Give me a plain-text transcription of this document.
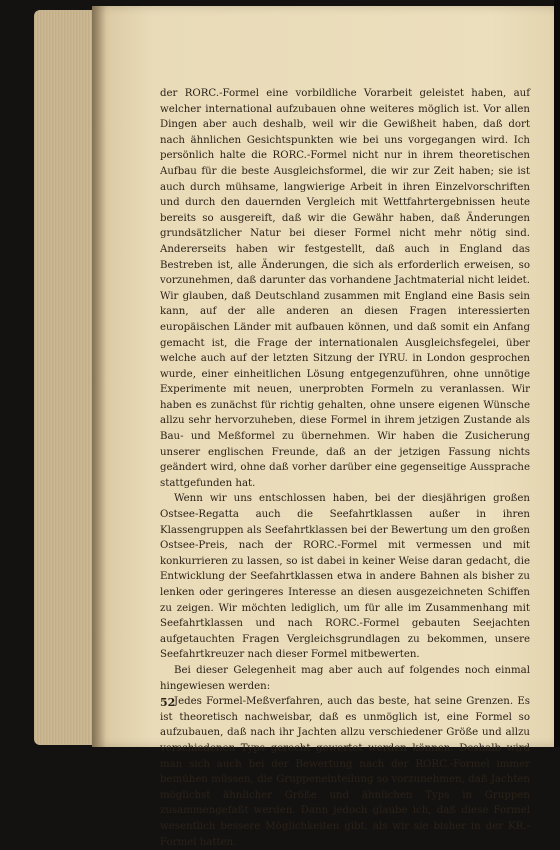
der RORC.-Formel eine vorbildliche Vorarbeit geleistet haben, auf welcher international aufzubauen ohne weiteres möglich ist. Vor allen Dingen aber auch deshalb, weil wir die Gewißheit haben, daß dort nach ähnlichen Gesichtspunkten wie bei uns vorgegangen wird. Ich persönlich halte die RORC.-Formel nicht nur in ihrem theoretischen Aufbau für die beste Ausgleichsformel, die wir zur Zeit haben; sie ist auch durch mühsame, langwierige Arbeit in ihren Einzelvorschriften und durch den dauernden Vergleich mit Wettfahrtergebnissen heute bereits so ausgereift, daß wir die Gewähr haben, daß Änderungen grundsätzlicher Natur bei dieser Formel nicht mehr nötig sind. Andererseits haben wir festgestellt, daß auch in England das Bestreben ist, alle Änderungen, die sich als erforderlich erweisen, so vorzunehmen, daß darunter das vorhandene Jachtmaterial nicht leidet. Wir glauben, daß Deutschland zusammen mit England eine Basis sein kann, auf der alle anderen an diesen Fragen interessierten europäischen Länder mit aufbauen können, und daß somit ein Anfang gemacht ist, die Frage der internationalen Ausgleichsfegelei, über welche auch auf der letzten Sitzung der IYRU. in London gesprochen wurde, einer einheitlichen Lösung entgegenzuführen, ohne unnötige Experimente mit neuen, unerprobten Formeln zu veranlassen. Wir haben es zunächst für richtig gehalten, ohne unsere eigenen Wünsche allzu sehr hervorzuheben, diese Formel in ihrem jetzigen Zustande als Bau- und Meßformel zu übernehmen. Wir haben die Zusicherung unserer englischen Freunde, daß an der jetzigen Fassung nichts geändert wird, ohne daß vorher darüber eine gegenseitige Aussprache stattgefunden hat.

Wenn wir uns entschlossen haben, bei der diesjährigen großen Ostsee-Regatta auch die Seefahrtklassen außer in ihren Klassengruppen als Seefahrtklassen bei der Bewertung um den großen Ostsee-Preis, nach der RORC.-Formel mit vermessen und mit konkurrieren zu lassen, so ist dabei in keiner Weise daran gedacht, die Entwicklung der Seefahrtklassen etwa in andere Bahnen als bisher zu lenken oder geringeres Interesse an diesen ausgezeichneten Schiffen zu zeigen. Wir möchten lediglich, um für alle im Zusammenhang mit Seefahrtklassen und nach RORC.-Formel gebauten Seejachten aufgetauchten Fragen Vergleichsgrundlagen zu bekommen, unsere Seefahrtkreuzer nach dieser Formel mitbewerten.

Bei dieser Gelegenheit mag aber auch auf folgendes noch einmal hingewiesen werden:

Jedes Formel-Meßverfahren, auch das beste, hat seine Grenzen. Es ist theoretisch nachweisbar, daß es unmöglich ist, eine Formel so aufzubauen, daß nach ihr Jachten allzu verschiedener Größe und allzu verschiedenen Typs gerecht gewertet werden können. Deshalb wird man sich auch bei der Bewertung nach der RORC.-Formel immer bemühen müssen, die Gruppeneinteilung so vorzunehmen, daß Jachten möglichst ähnlicher Größe und ähnlichen Typs in Gruppen zusammengefaßt werden. Dann jedoch glaube ich, daß diese Formel wesentlich bessere Möglichkeiten gibt, als wir sie bisher in der KR.-Formel hatten.

52
